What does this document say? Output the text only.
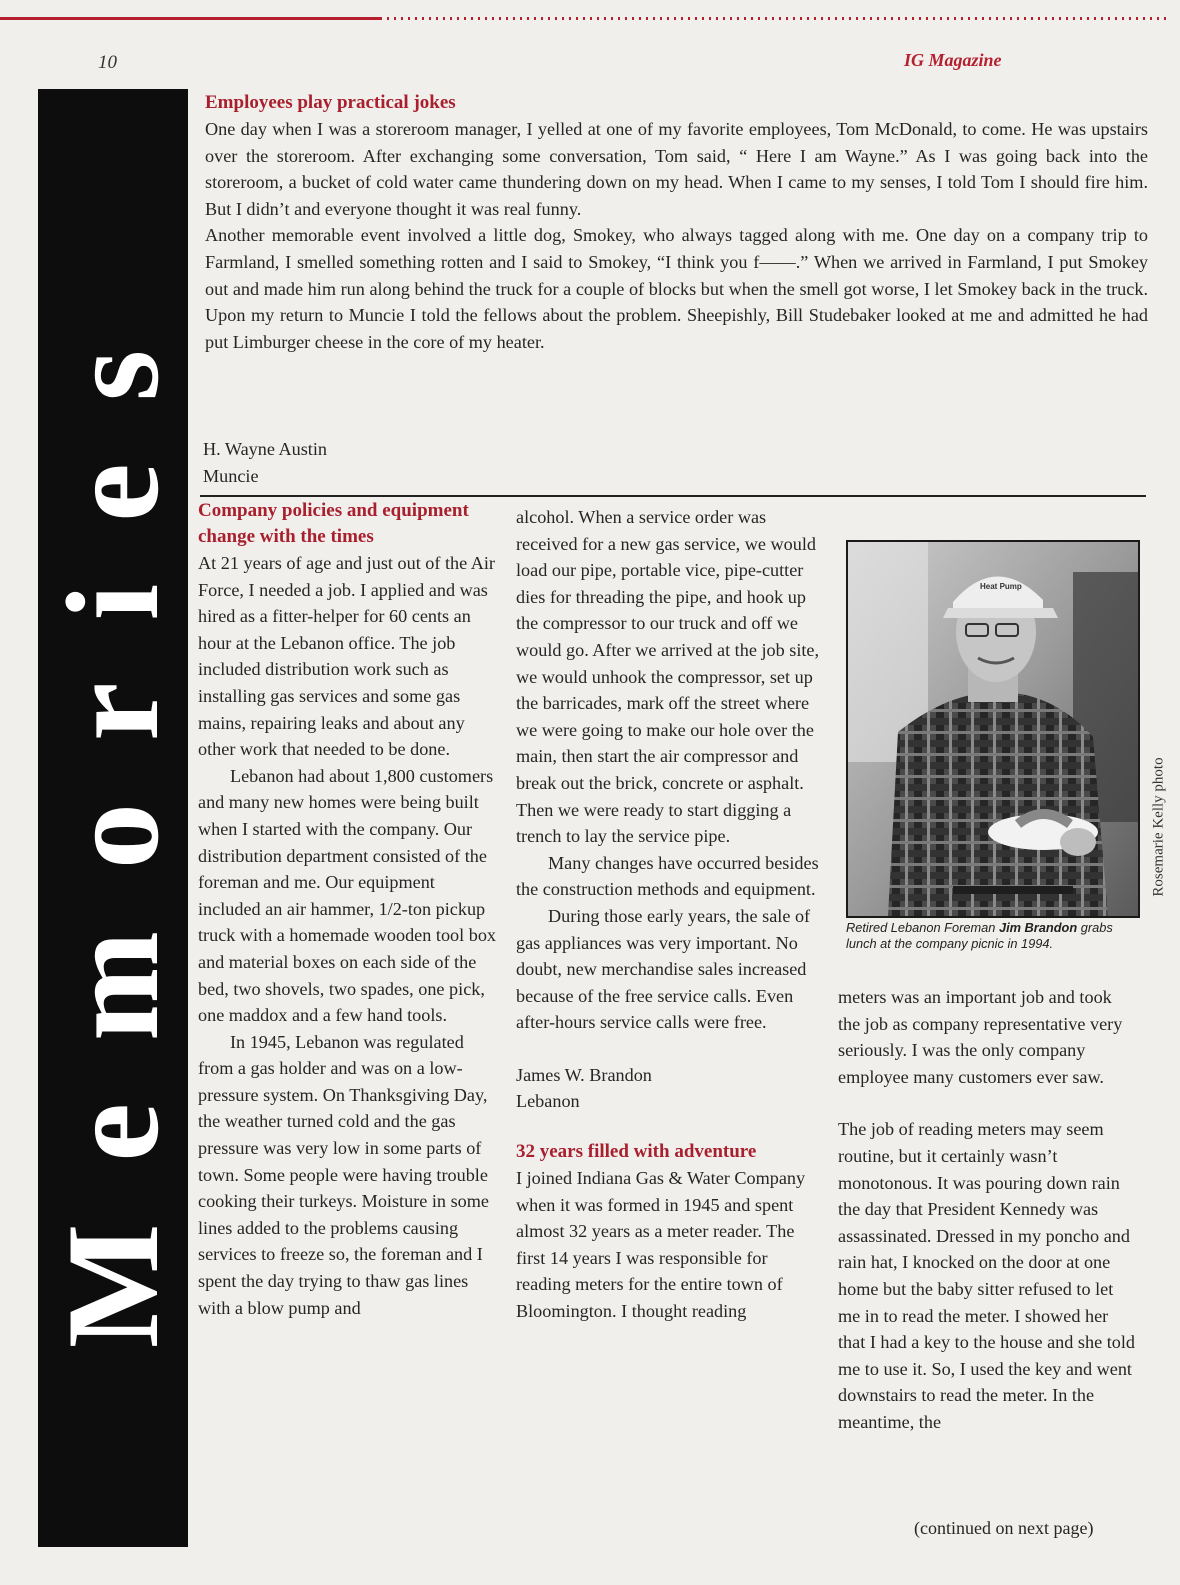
10	IG Magazine
Memories
Employees play practical jokes

One day when I was a storeroom manager, I yelled at one of my favorite employees, Tom McDonald, to come. He was upstairs over the storeroom. After exchanging some conversation, Tom said, “ Here I am Wayne.” As I was going back into the storeroom, a bucket of cold water came thundering down on my head. When I came to my senses, I told Tom I should fire him. But I didn’t and everyone thought it was real funny.

Another memorable event involved a little dog, Smokey, who always tagged along with me. One day on a company trip to Farmland, I smelled something rotten and I said to Smokey, “I think you f——.” When we arrived in Farmland, I put Smokey out and made him run along behind the truck for a couple of blocks but when the smell got worse, I let Smokey back in the truck. Upon my return to Muncie I told the fellows about the problem. Sheepishly, Bill Studebaker looked at me and admitted he had put Limburger cheese in the core of my heater.

H. Wayne Austin
Muncie
Company policies and equipment change with the times

At 21 years of age and just out of the Air Force, I needed a job. I applied and was hired as a fitter-helper for 60 cents an hour at the Lebanon office. The job included distribution work such as installing gas services and some gas mains, repairing leaks and about any other work that needed to be done.

Lebanon had about 1,800 customers and many new homes were being built when I started with the company. Our distribution department consisted of the foreman and me. Our equipment included an air hammer, 1/2-ton pickup truck with a homemade wooden tool box and material boxes on each side of the bed, two shovels, two spades, one pick, one maddox and a few hand tools.

In 1945, Lebanon was regulated from a gas holder and was on a low-pressure system. On Thanksgiving Day, the weather turned cold and the gas pressure was very low in some parts of town. Some people were having trouble cooking their turkeys. Moisture in some lines added to the problems causing services to freeze so, the foreman and I spent the day trying to thaw gas lines with a blow pump and

alcohol. When a service order was received for a new gas service, we would load our pipe, portable vice, pipe-cutter dies for threading the pipe, and hook up the compressor to our truck and off we would go. After we arrived at the job site, we would unhook the compressor, set up the barricades, mark off the street where we were going to make our hole over the main, then start the air compressor and break out the brick, concrete or asphalt. Then we were ready to start digging a trench to lay the service pipe.

Many changes have occurred besides the construction methods and equipment.

During those early years, the sale of gas appliances was very important. No doubt, new merchandise sales increased because of the free service calls. Even after-hours service calls were free.

James W. Brandon
Lebanon
32 years filled with adventure

I joined Indiana Gas & Water Company when it was formed in 1945 and spent almost 32 years as a meter reader. The first 14 years I was responsible for reading meters for the entire town of Bloomington. I thought reading

Heat Pump
Rosemarie Kelly photo
Retired Lebanon Foreman Jim Brandon grabs lunch at the company picnic in 1994.

meters was an important job and took the job as company representative very seriously. I was the only company employee many customers ever saw.

The job of reading meters may seem routine, but it certainly wasn’t monotonous. It was pouring down rain the day that President Kennedy was assassinated. Dressed in my poncho and rain hat, I knocked on the door at one home but the baby sitter refused to let me in to read the meter. I showed her that I had a key to the house and she told me to use it. So, I used the key and went downstairs to read the meter. In the meantime, the

(continued on next page)
